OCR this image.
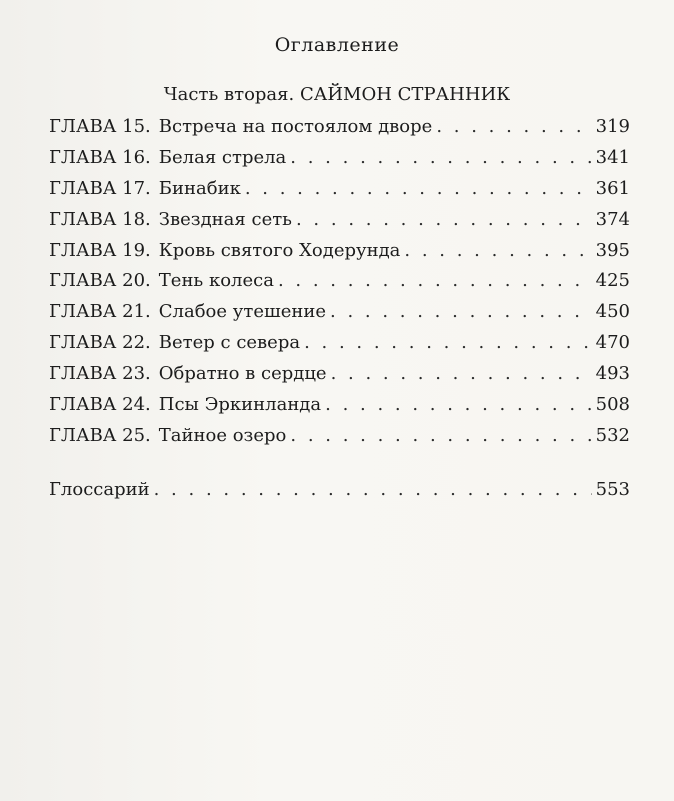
Оглавление
Часть вторая. САЙМОН СТРАННИК
ГЛАВА 15. Встреча на постоялом дворе . . .	319
ГЛАВА 16. Белая стрела . . .	341
ГЛАВА 17. Бинабик . . .	361
ГЛАВА 18. Звездная сеть . . .	374
ГЛАВА 19. Кровь святого Ходерунда . . .	395
ГЛАВА 20. Тень колеса . . .	425
ГЛАВА 21. Слабое утешение . . .	450
ГЛАВА 22. Ветер с севера . . .	470
ГЛАВА 23. Обратно в сердце . . .	493
ГЛАВА 24. Псы Эркинланда . . .	508
ГЛАВА 25. Тайное озеро . . .	532
Глоссарий . . .	553
